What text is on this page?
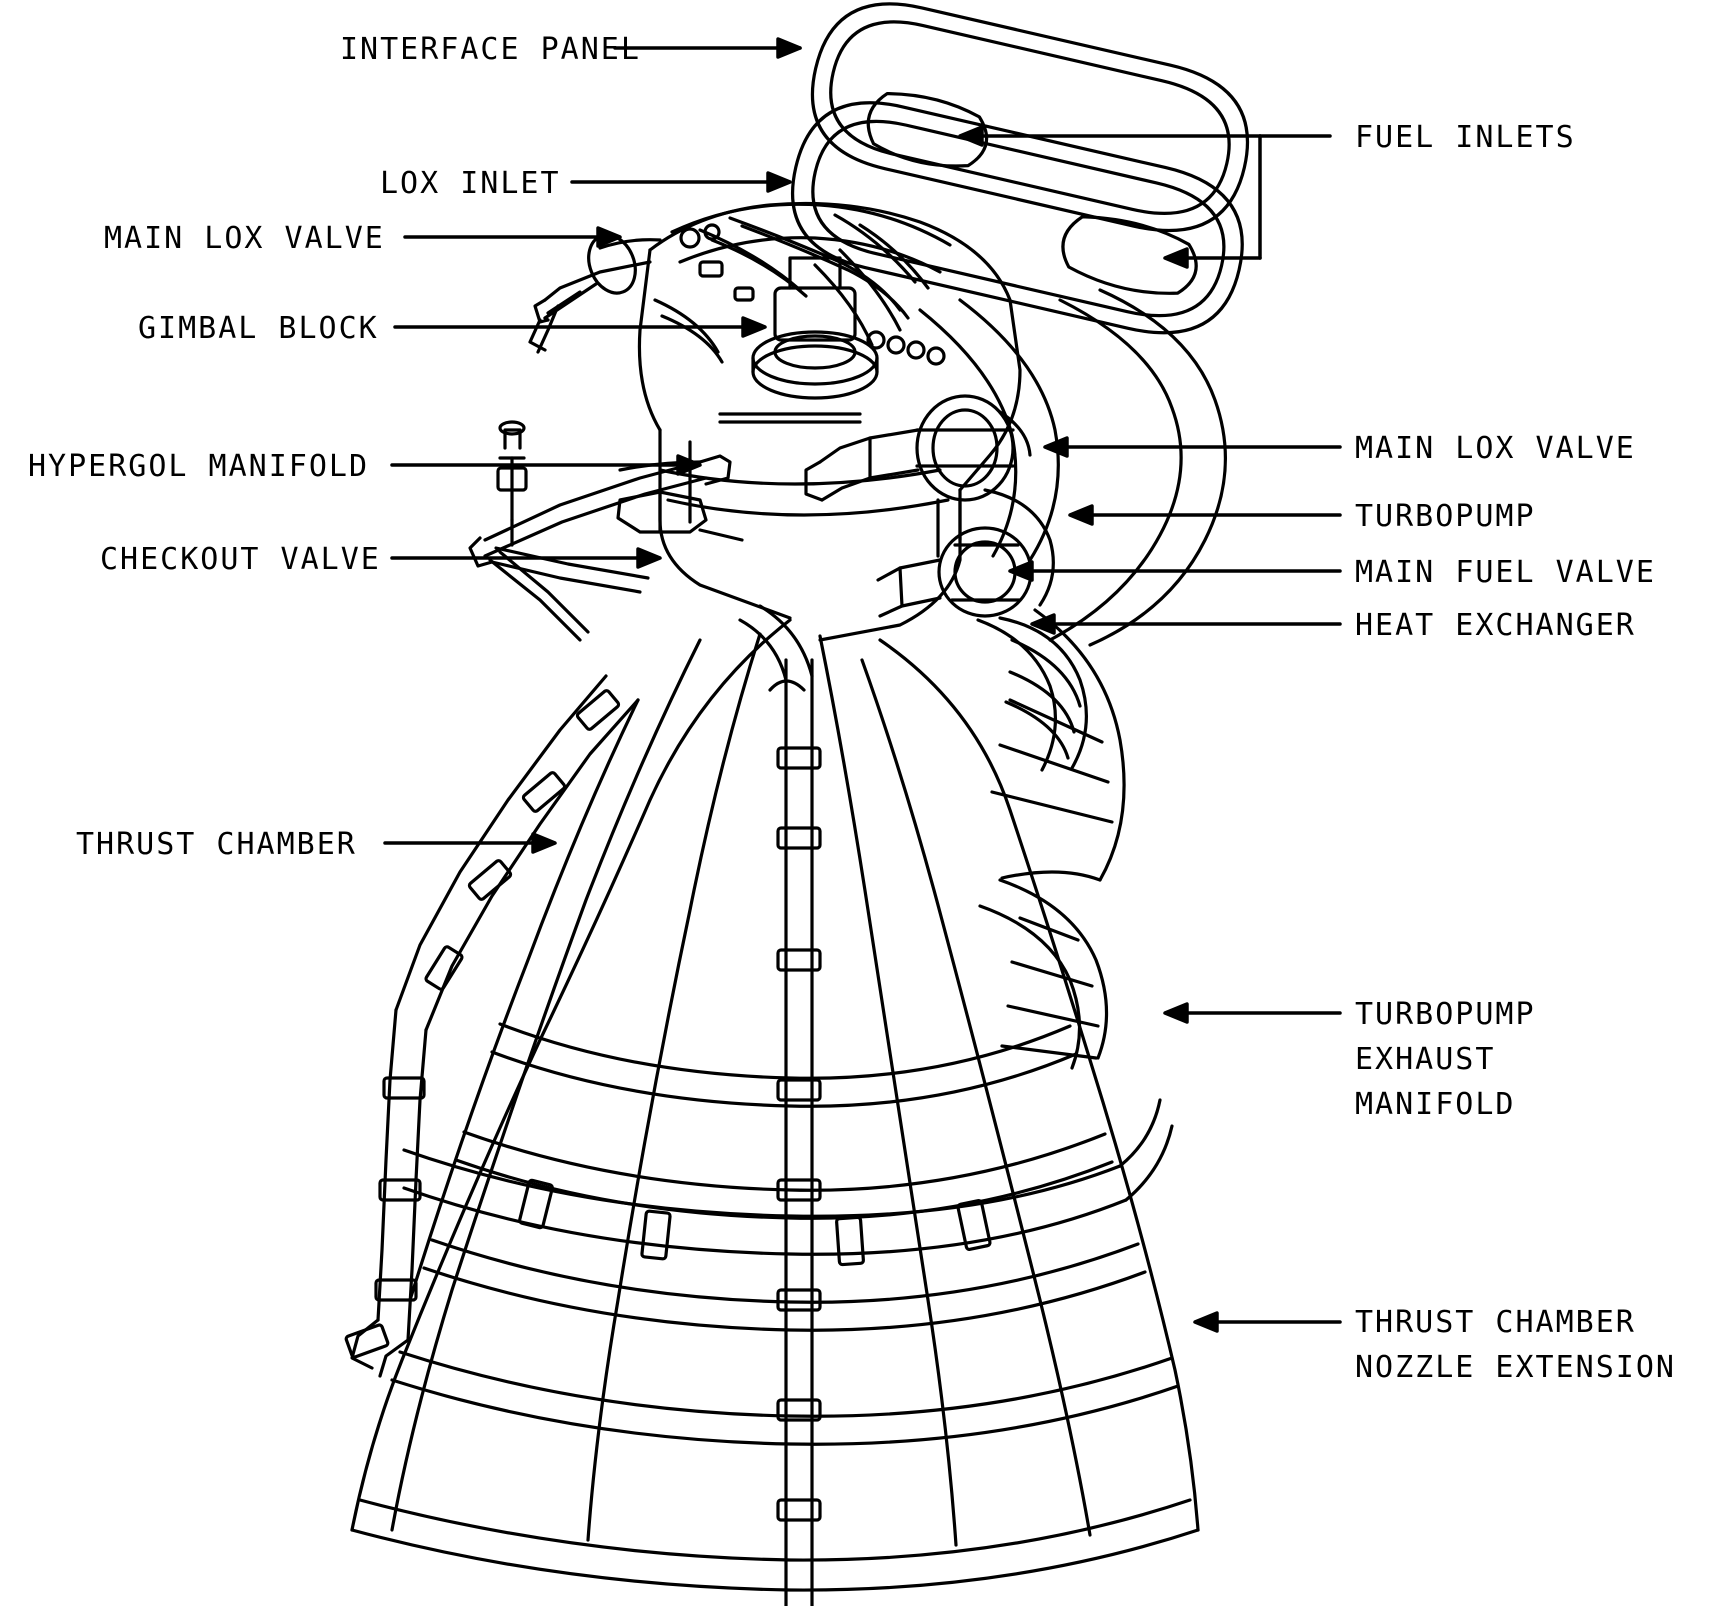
INTERFACE PANEL
FUEL INLETS
LOX INLET
MAIN LOX VALVE
GIMBAL BLOCK
HYPERGOL MANIFOLD
CHECKOUT VALVE
MAIN LOX VALVE
TURBOPUMP
MAIN FUEL VALVE
HEAT EXCHANGER
THRUST CHAMBER
TURBOPUMP
EXHAUST
MANIFOLD
THRUST CHAMBER
NOZZLE EXTENSION
